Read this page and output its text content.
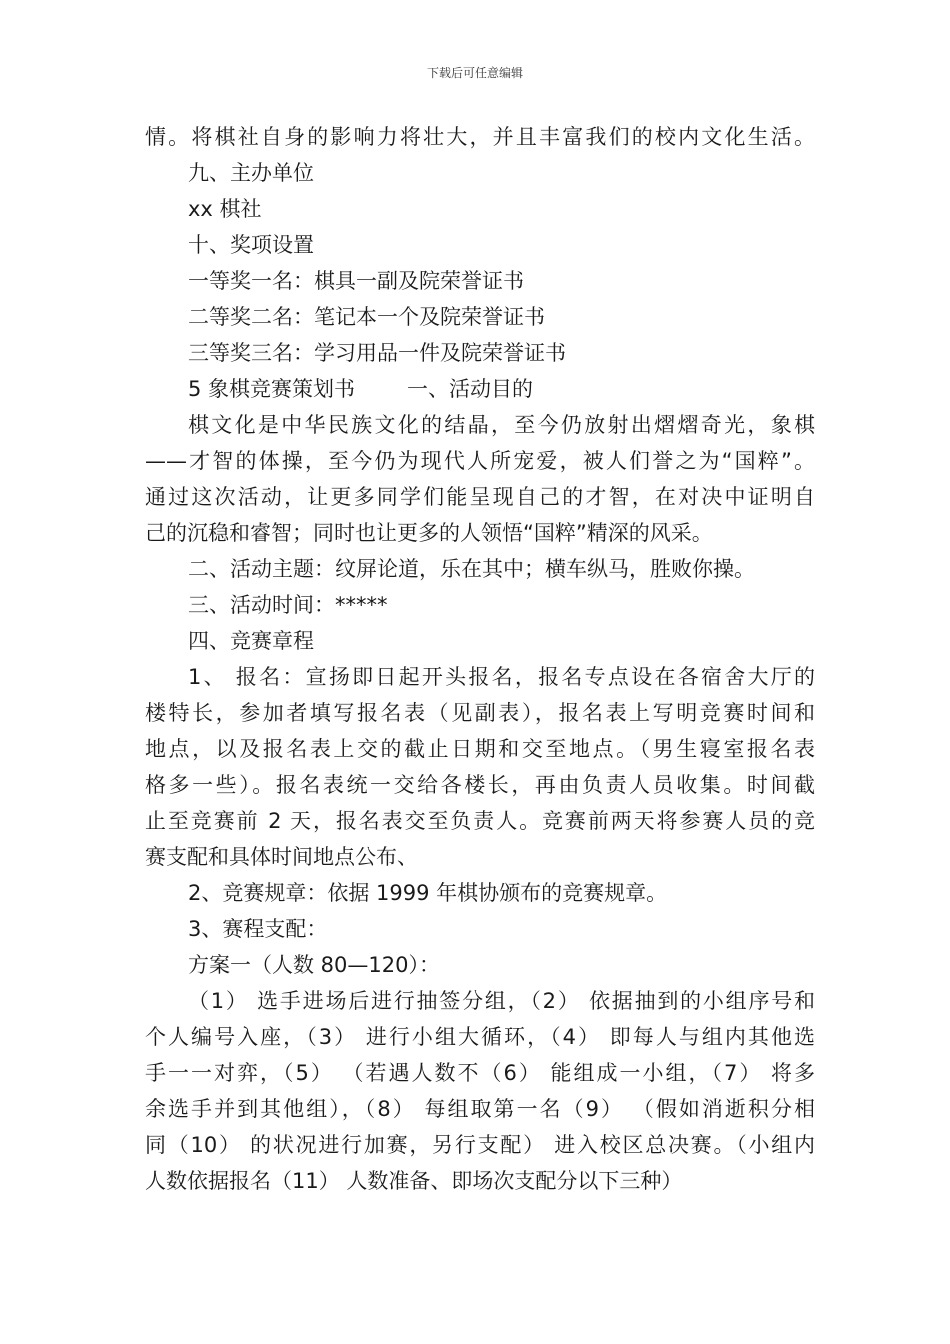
下载后可任意编辑
情。将棋社自身的影响力将壮大，并且丰富我们的校内文化生活。
九、主办单位
xx 棋社
十、奖项设置
一等奖一名：棋具一副及院荣誉证书
二等奖二名：笔记本一个及院荣誉证书
三等奖三名：学习用品一件及院荣誉证书
5 象棋竞赛策划书 一、活动目的
棋文化是中华民族文化的结晶，至今仍放射出熠熠奇光，象棋
——才智的体操，至今仍为现代人所宠爱，被人们誉之为“国粹”。
通过这次活动，让更多同学们能呈现自己的才智，在对决中证明自
己的沉稳和睿智；同时也让更多的人领悟“国粹”精深的风采。
二、活动主题：纹屏论道，乐在其中；横车纵马，胜败你操。
三、活动时间：*****
四、竞赛章程
1、 报名：宣扬即日起开头报名，报名专点设在各宿舍大厅的
楼特长，参加者填写报名表（见副表），报名表上写明竞赛时间和
地点，以及报名表上交的截止日期和交至地点。（男生寝室报名表
格多一些）。报名表统一交给各楼长，再由负责人员收集。时间截
止至竞赛前 2 天，报名表交至负责人。竞赛前两天将参赛人员的竞
赛支配和具体时间地点公布、
2、竞赛规章：依据 1999 年棋协颁布的竞赛规章。
3、赛程支配：
方案一（人数 80—120）：
（1） 选手进场后进行抽签分组，（2） 依据抽到的小组序号和
个人编号入座，（3） 进行小组大循环，（4） 即每人与组内其他选
手一一对弈，（5） （若遇人数不（6） 能组成一小组，（7） 将多
余选手并到其他组），（8） 每组取第一名（9） （假如消逝积分相
同（10） 的状况进行加赛，另行支配） 进入校区总决赛。（小组内
人数依据报名（11） 人数准备、即场次支配分以下三种）
